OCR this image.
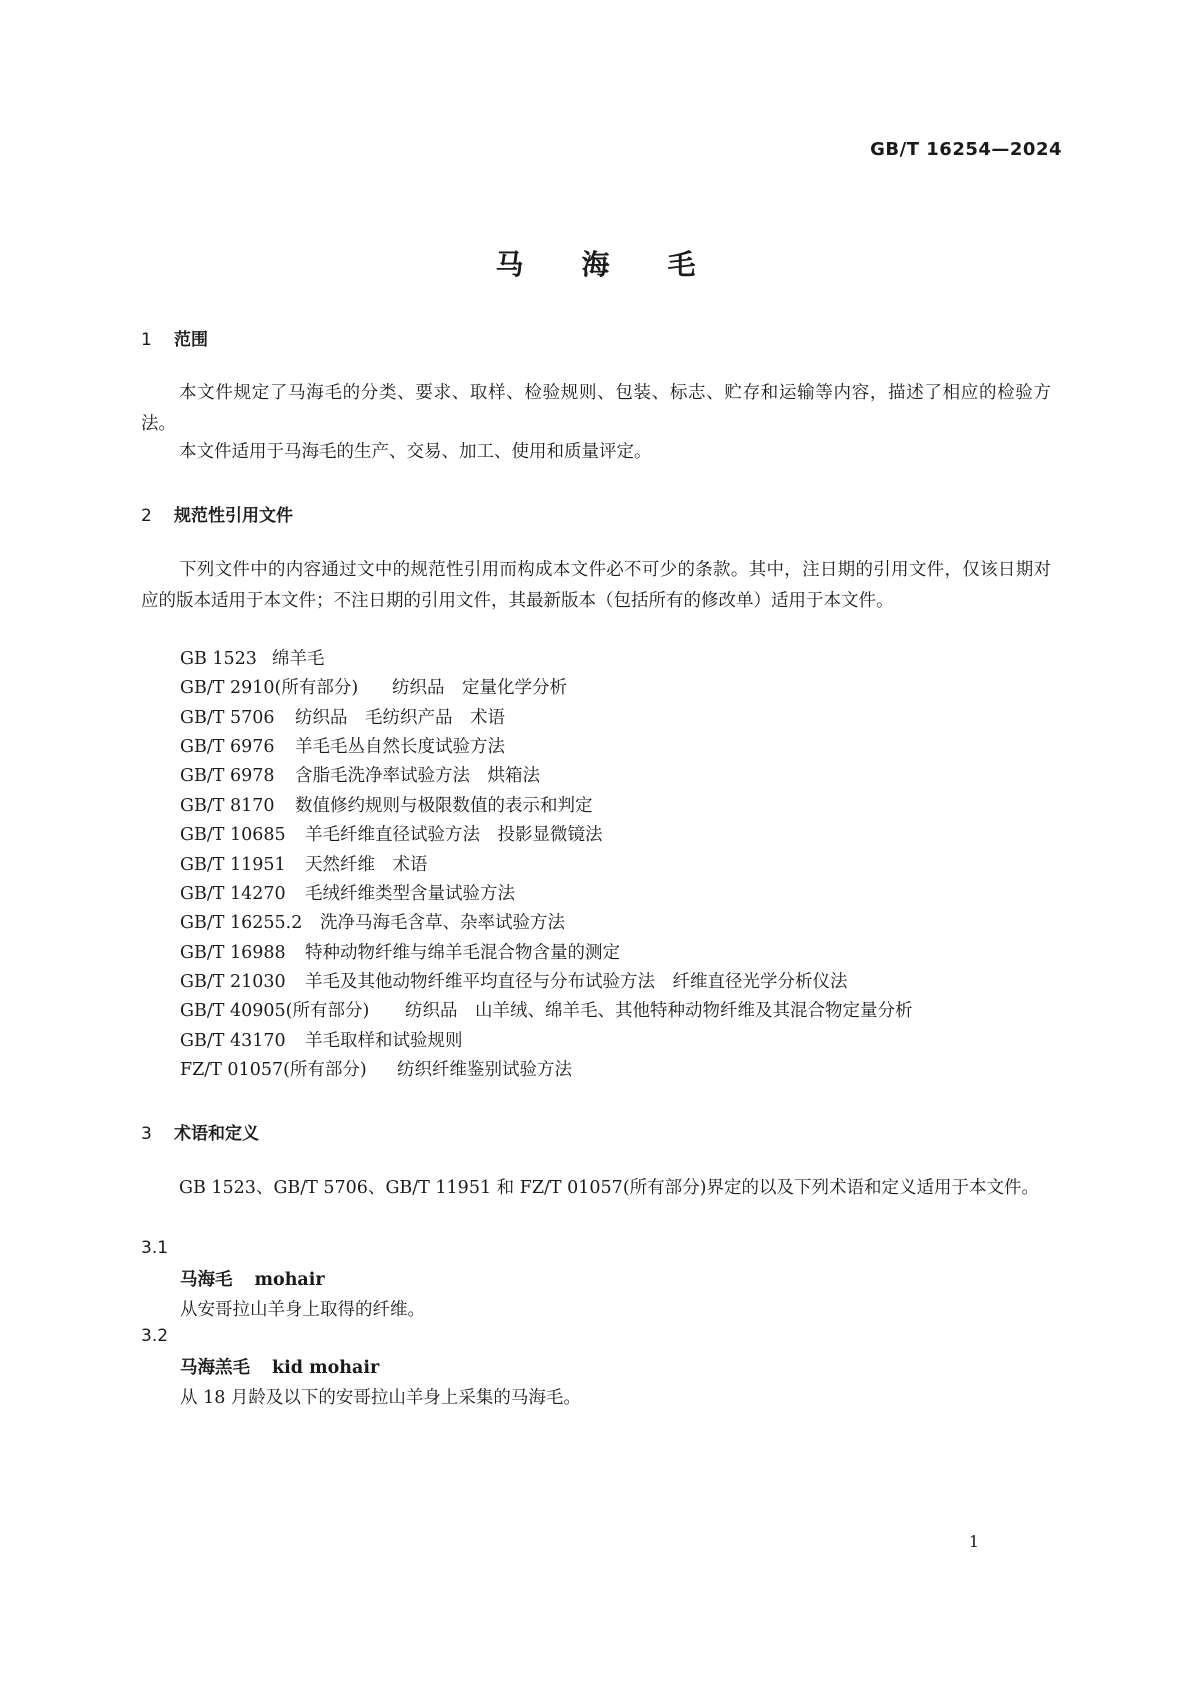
GB/T 16254—2024
马海毛
1 范围
本文件规定了马海毛的分类、要求、取样、检验规则、包装、标志、贮存和运输等内容，描述了相应的检验方法。
本文件适用于马海毛的生产、交易、加工、使用和质量评定。
2 规范性引用文件
下列文件中的内容通过文中的规范性引用而构成本文件必不可少的条款。其中，注日期的引用文件，仅该日期对应的版本适用于本文件；不注日期的引用文件，其最新版本（包括所有的修改单）适用于本文件。
GB 1523 绵羊毛
GB/T 2910(所有部分) 纺织品　定量化学分析
GB/T 5706 纺织品　毛纺织产品　术语
GB/T 6976 羊毛毛丛自然长度试验方法
GB/T 6978 含脂毛洗净率试验方法　烘箱法
GB/T 8170 数值修约规则与极限数值的表示和判定
GB/T 10685 羊毛纤维直径试验方法　投影显微镜法
GB/T 11951 天然纤维　术语
GB/T 14270 毛绒纤维类型含量试验方法
GB/T 16255.2 洗净马海毛含草、杂率试验方法
GB/T 16988 特种动物纤维与绵羊毛混合物含量的测定
GB/T 21030 羊毛及其他动物纤维平均直径与分布试验方法　纤维直径光学分析仪法
GB/T 40905(所有部分) 纺织品　山羊绒、绵羊毛、其他特种动物纤维及其混合物定量分析
GB/T 43170 羊毛取样和试验规则
FZ/T 01057(所有部分) 纺织纤维鉴别试验方法
3 术语和定义
GB 1523、GB/T 5706、GB/T 11951 和 FZ/T 01057(所有部分)界定的以及下列术语和定义适用于本文件。
3.1
马海毛 mohair
从安哥拉山羊身上取得的纤维。
3.2
马海羔毛 kid mohair
从 18 月龄及以下的安哥拉山羊身上采集的马海毛。
1
